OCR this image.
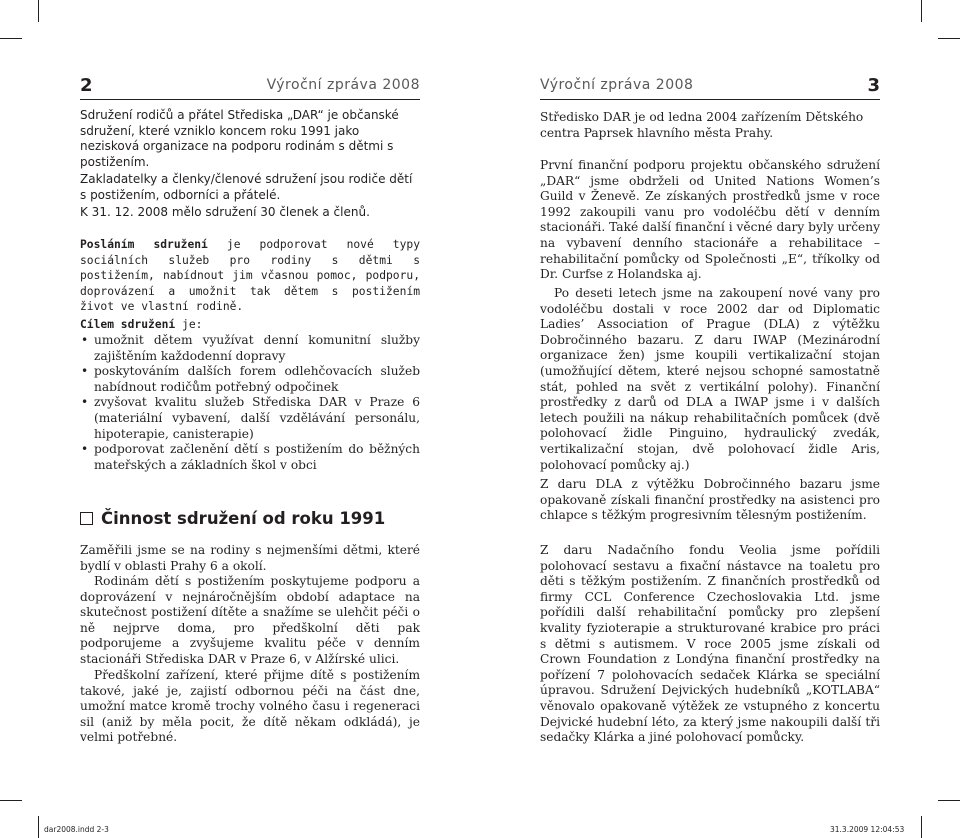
2	Výroční zpráva 2008

Sdružení rodičů a přátel Střediska „DAR“ je občanské sdružení, které vzniklo koncem roku 1991 jako nezisková organizace na podporu rodinám s dětmi s postižením.

Zakladatelky a členky/členové sdružení jsou rodiče dětí s postižením, odborníci a přátelé.

K 31. 12. 2008 mělo sdružení 30 členek a členů.

Posláním sdružení je podporovat nové typy sociálních služeb pro rodiny s dětmi s postižením, nabídnout jim včasnou pomoc, podporu, doprovázení a umožnit tak dětem s postižením život ve vlastní rodině.

Cílem sdružení je:

• umožnit dětem využívat denní komunitní služby zajištěním každodenní dopravy
• poskytováním dalších forem odlehčovacích služeb nabídnout rodičům potřebný odpočinek
• zvyšovat kvalitu služeb Střediska DAR v Praze 6 (materiální vybavení, další vzdělávání personálu, hipoterapie, canisterapie)
• podporovat začlenění dětí s postižením do běžných mateřských a základních škol v obci
Činnost sdružení od roku 1991

Zaměřili jsme se na rodiny s nejmenšími dětmi, které bydlí v oblasti Prahy 6 a okolí.

Rodinám dětí s postižením poskytujeme podporu a doprovázení v nejnáročnějším období adaptace na skutečnost postižení dítěte a snažíme se ulehčit péči o ně nejprve doma, pro předškolní děti pak podporujeme a zvyšujeme kvalitu péče v denním stacionáři Střediska DAR v Praze 6, v Alžírské ulici.

Předškolní zařízení, které přijme dítě s postižením takové, jaké je, zajistí odbornou péči na část dne, umožní matce kromě trochy volného času i regeneraci sil (aniž by měla pocit, že dítě někam odkládá), je velmi potřebné.

Výroční zpráva 2008	3

Středisko DAR je od ledna 2004 zařízením Dětského centra Paprsek hlavního města Prahy.

První finanční podporu projektu občanského sdružení „DAR“ jsme obdrželi od United Nations Women’s Guild v Ženevě. Ze získaných prostředků jsme v roce 1992 zakoupili vanu pro vodoléčbu dětí v denním stacionáři. Také další finanční i věcné dary byly určeny na vybavení denního stacionáře a rehabilitace – rehabilitační pomůcky od Společnosti „E“, tříkolky od Dr. Curfse z Holandska aj.

Po deseti letech jsme na zakoupení nové vany pro vodoléčbu dostali v roce 2002 dar od Diplomatic Ladies’ Association of Prague (DLA) z výtěžku Dobročinného bazaru. Z daru IWAP (Mezinárodní organizace žen) jsme koupili vertikalizační stojan (umožňující dětem, které nejsou schopné samostatně stát, pohled na svět z vertikální polohy). Finanční prostředky z darů od DLA a IWAP jsme i v dalších letech použili na nákup rehabilitačních pomůcek (dvě polohovací židle Pinguino, hydraulický zvedák, vertikalizační stojan, dvě polohovací židle Aris, polohovací pomůcky aj.)

Z daru DLA z výtěžku Dobročinného bazaru jsme opakovaně získali finanční prostředky na asistenci pro chlapce s těžkým progresivním tělesným postižením.

Z daru Nadačního fondu Veolia jsme pořídili polohovací sestavu a fixační nástavce na toaletu pro děti s těžkým postižením. Z finančních prostředků od firmy CCL Conference Czechoslovakia Ltd. jsme pořídili další rehabilitační pomůcky pro zlepšení kvality fyzioterapie a strukturované krabice pro práci s dětmi s autismem. V roce 2005 jsme získali od Crown Foundation z Londýna finanční prostředky na pořízení 7 polohovacích sedaček Klárka se speciální úpravou. Sdružení Dejvických hudebníků „KOTLABA“ věnovalo opakovaně výtěžek ze vstupného z koncertu Dejvické hudební léto, za který jsme nakoupili další tři sedačky Klárka a jiné polohovací pomůcky.

dar2008.indd 2-3	31.3.2009 12:04:53
